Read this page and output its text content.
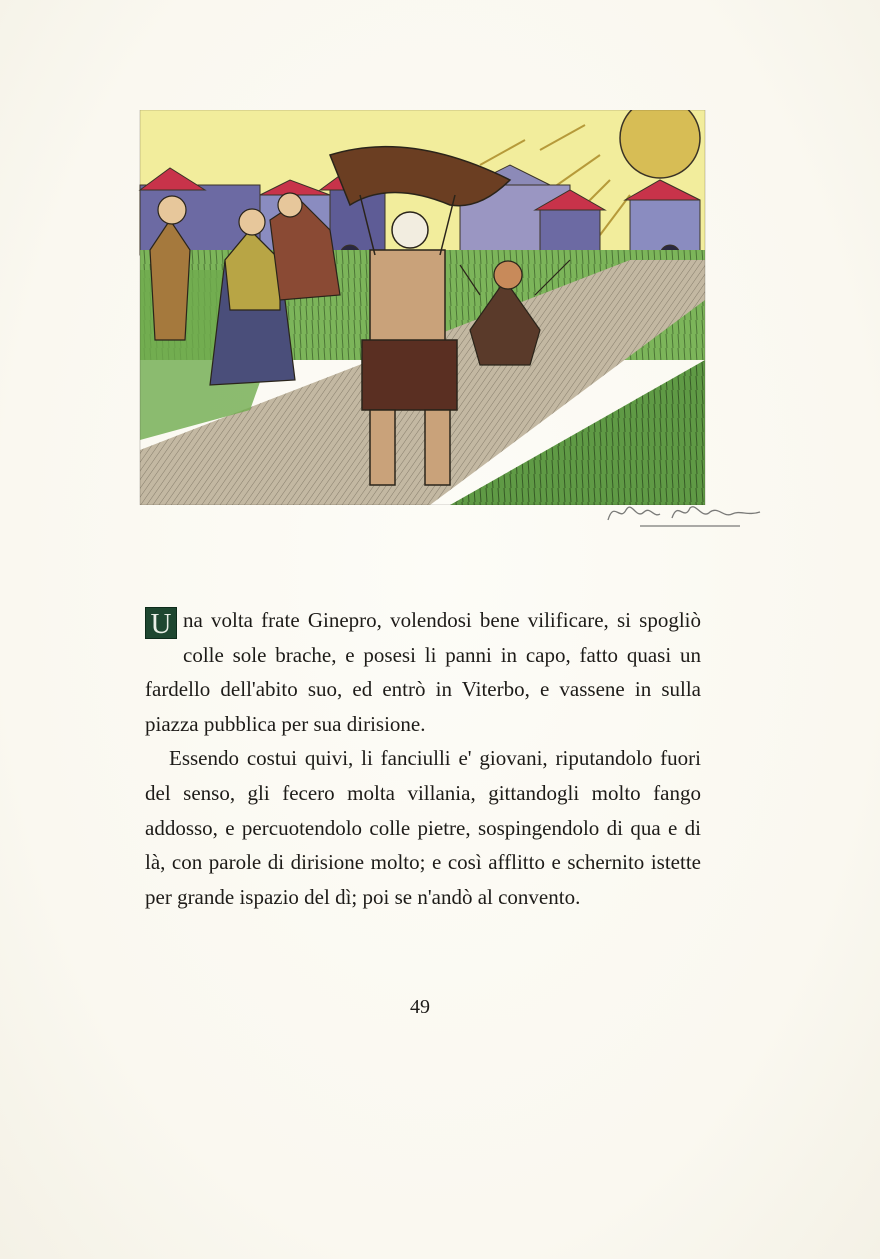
U na volta frate Ginepro, volendosi bene vilificare, si spogliò colle sole brache, e posesi li panni in capo, fatto quasi un fardello dell'abito suo, ed entrò in Viterbo, e vassene in sulla piazza pubblica per sua dirisione.

Essendo costui quivi, li fanciulli e' giovani, riputandolo fuori del senso, gli fecero molta villania, gittandogli molto fango addosso, e percuotendolo colle pietre, sospingendolo di qua e di là, con parole di dirisione molto; e così afflitto e schernito istette per grande ispazio del dì; poi se n'andò al convento.

49
